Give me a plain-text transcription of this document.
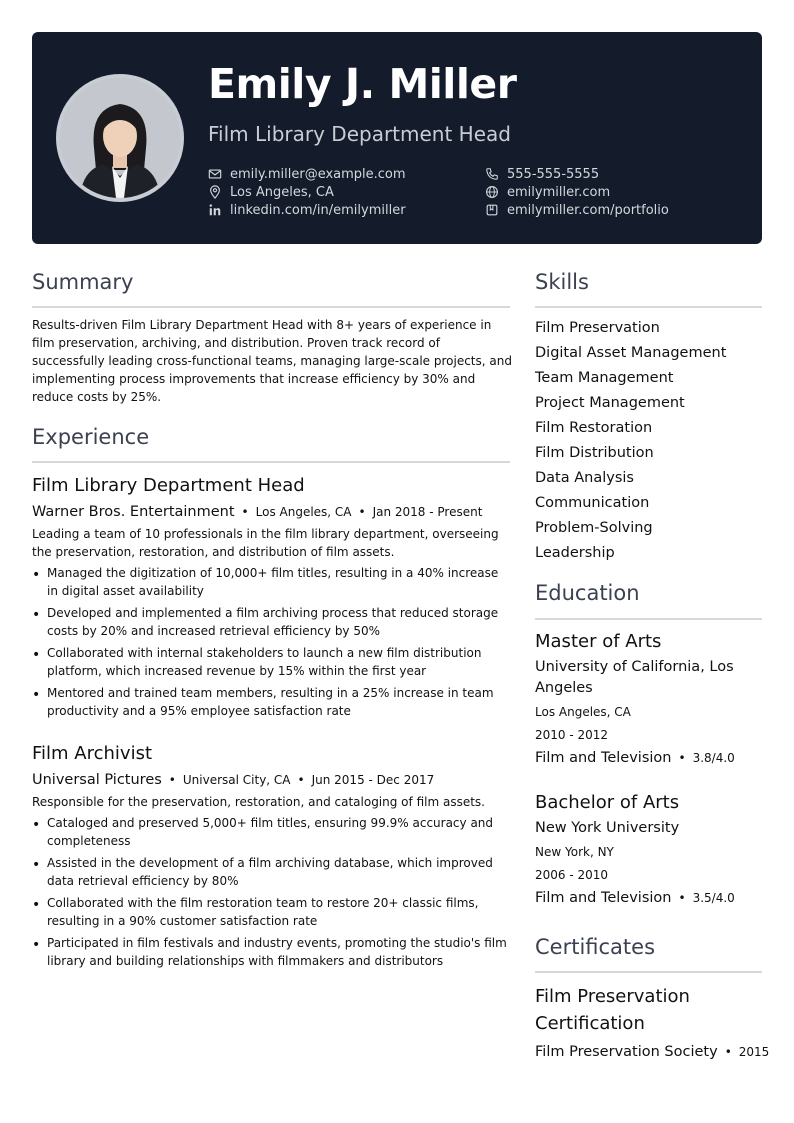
Emily J. Miller
Film Library Department Head
emily.miller@example.com	555-555-5555
Los Angeles, CA	emilymiller.com
linkedin.com/in/emilymiller	emilymiller.com/portfolio
Summary
Results-driven Film Library Department Head with 8+ years of experience in film preservation, archiving, and distribution. Proven track record of successfully leading cross-functional teams, managing large-scale projects, and implementing process improvements that increase efficiency by 30% and reduce costs by 25%.
Experience
Film Library Department Head
Warner Bros. Entertainment • Los Angeles, CA • Jan 2018 - Present
Leading a team of 10 professionals in the film library department, overseeing the preservation, restoration, and distribution of film assets.
• Managed the digitization of 10,000+ film titles, resulting in a 40% increase in digital asset availability
• Developed and implemented a film archiving process that reduced storage costs by 20% and increased retrieval efficiency by 50%
• Collaborated with internal stakeholders to launch a new film distribution platform, which increased revenue by 15% within the first year
• Mentored and trained team members, resulting in a 25% increase in team productivity and a 95% employee satisfaction rate
Film Archivist
Universal Pictures • Universal City, CA • Jun 2015 - Dec 2017
Responsible for the preservation, restoration, and cataloging of film assets.
• Cataloged and preserved 5,000+ film titles, ensuring 99.9% accuracy and completeness
• Assisted in the development of a film archiving database, which improved data retrieval efficiency by 80%
• Collaborated with the film restoration team to restore 20+ classic films, resulting in a 90% customer satisfaction rate
• Participated in film festivals and industry events, promoting the studio's film library and building relationships with filmmakers and distributors
Skills
Film Preservation
Digital Asset Management
Team Management
Project Management
Film Restoration
Film Distribution
Data Analysis
Communication
Problem-Solving
Leadership
Education
Master of Arts
University of California, Los Angeles
Los Angeles, CA
2010 - 2012
Film and Television • 3.8/4.0
Bachelor of Arts
New York University
New York, NY
2006 - 2010
Film and Television • 3.5/4.0
Certificates
Film Preservation Certification
Film Preservation Society • 2015
